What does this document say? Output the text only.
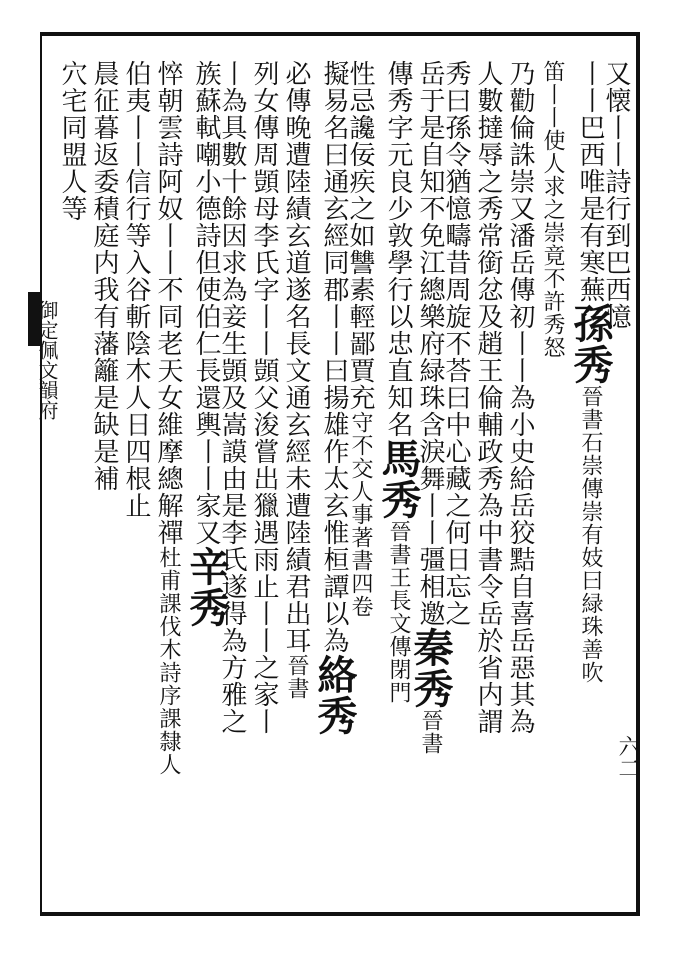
御定佩文韻府
六二
又懐丨丨詩行到巴西憶
丨丨巴西唯是有寒蕪孫秀晉書石崇傳崇有妓曰緑珠善吹
笛丨丨使人求之崇竟不許秀怒
乃勸倫誅崇又潘岳傳初丨丨為小史給岳狡黠自喜岳惡其為
人數撻辱之秀常銜忿及趙王倫輔政秀為中書令岳於省内謂
秀曰孫令猶憶疇昔周旋不荅曰中心藏之何日忘之
岳于是自知不免江總樂府緑珠含淚舞丨丨彊相邀秦秀晉書
傳秀字元良少敦學行以忠直知名馬秀晉書王長文傳閉門
性忌讒佞疾之如讐素輕鄙賈充守不交人事著書四卷
擬易名曰通玄經同郡丨丨曰揚雄作太玄惟桓譚以為絡秀
必傳晚遭陸績玄道遂名長文通玄經未遭陸績君出耳晉書
列女傳周顗母李氏字丨丨顗父浚嘗出獵遇雨止丨丨之家丨
丨為具數十餘因求為妾生顗及嵩謨由是李氏遂得為方雅之
族蘇軾嘲小德詩但使伯仁長還輿丨丨家又辛秀
悴朝雲詩阿奴丨丨不同老天女維摩總解禪杜甫課伐木詩序課隸人
伯夷丨丨信行等入谷斬陰木人日四根止
晨征暮返委積庭内我有藩籬是缺是補
穴宅同盟人等
